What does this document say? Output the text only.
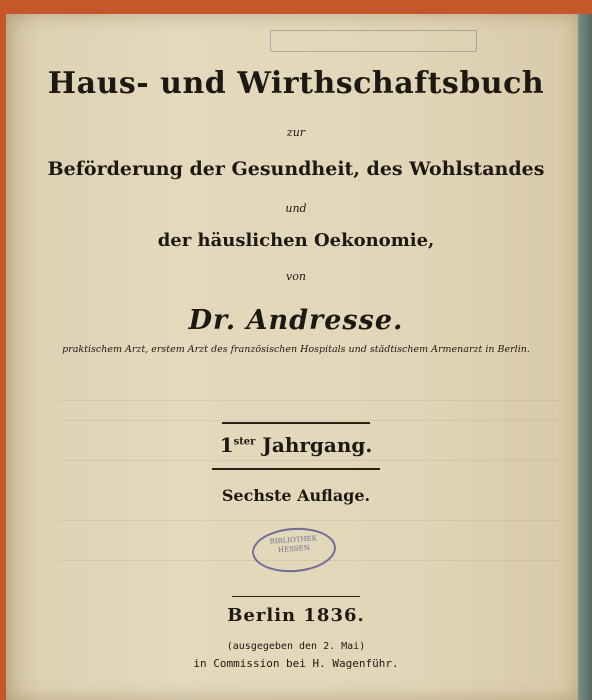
Haus- und Wirthschaftsbuch
zur
Beförderung der Gesundheit, des Wohlstandes
und
der häuslichen Oekonomie,
von
Dr. Andresse.
praktischem Arzt, erstem Arzt des französischen Hospitals und städtischem Armenarzt in Berlin.
$1^{ster}$ Jahrgang.
Sechste Auflage.
BIBLIOTHEK HESSEN
Berlin 1836.
(ausgegeben den 2. Mai)
in Commission bei H. Wagenführ.
